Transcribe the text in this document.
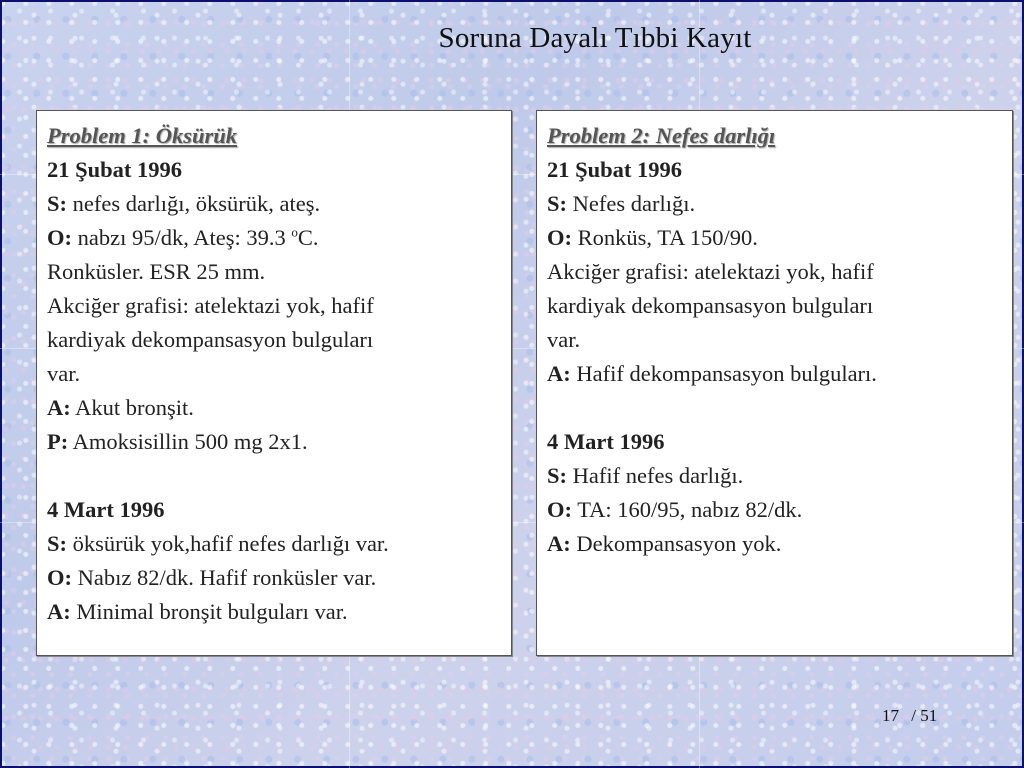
Soruna Dayalı Tıbbi Kayıt
Problem 1: Öksürük
21 Şubat 1996
S: nefes darlığı, öksürük, ateş.
O: nabzı 95/dk, Ateş: 39.3 $^o$C.
Ronküsler. ESR 25 mm.
Akciğer grafisi: atelektazi yok, hafif
kardiyak dekompansasyon bulguları
var.
A: Akut bronşit.
P: Amoksisillin 500 mg 2x1.
4 Mart 1996
S: öksürük yok,hafif nefes darlığı var.
O: Nabız 82/dk. Hafif ronküsler var.
A: Minimal bronşit bulguları var.
Problem 2: Nefes darlığı
21 Şubat 1996
S: Nefes darlığı.
O: Ronküs, TA 150/90.
Akciğer grafisi: atelektazi yok, hafif
kardiyak dekompansasyon bulguları
var.
A: Hafif dekompansasyon bulguları.
4 Mart 1996
S: Hafif nefes darlığı.
O: TA: 160/95, nabız 82/dk.
A: Dekompansasyon yok.
17 / 51
